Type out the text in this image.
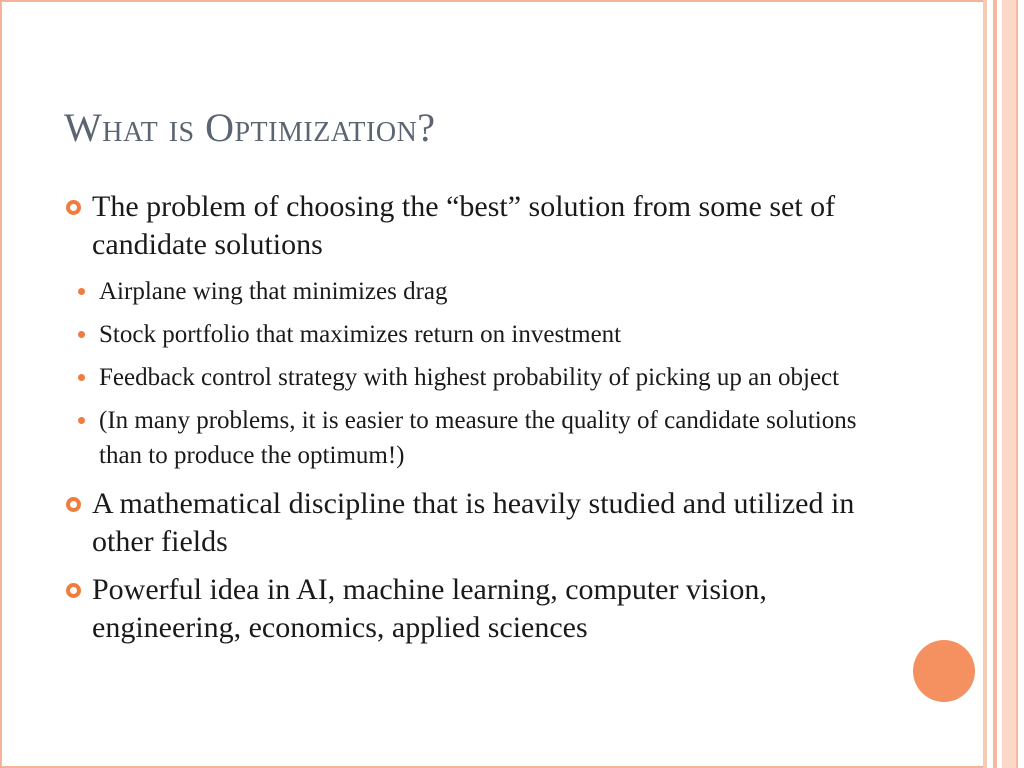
What is Optimization?
The problem of choosing the “best” solution from some set of candidate solutions
Airplane wing that minimizes drag
Stock portfolio that maximizes return on investment
Feedback control strategy with highest probability of picking up an object
(In many problems, it is easier to measure the quality of candidate solutions than to produce the optimum!)
A mathematical discipline that is heavily studied and utilized in other fields
Powerful idea in AI, machine learning, computer vision, engineering, economics, applied sciences
